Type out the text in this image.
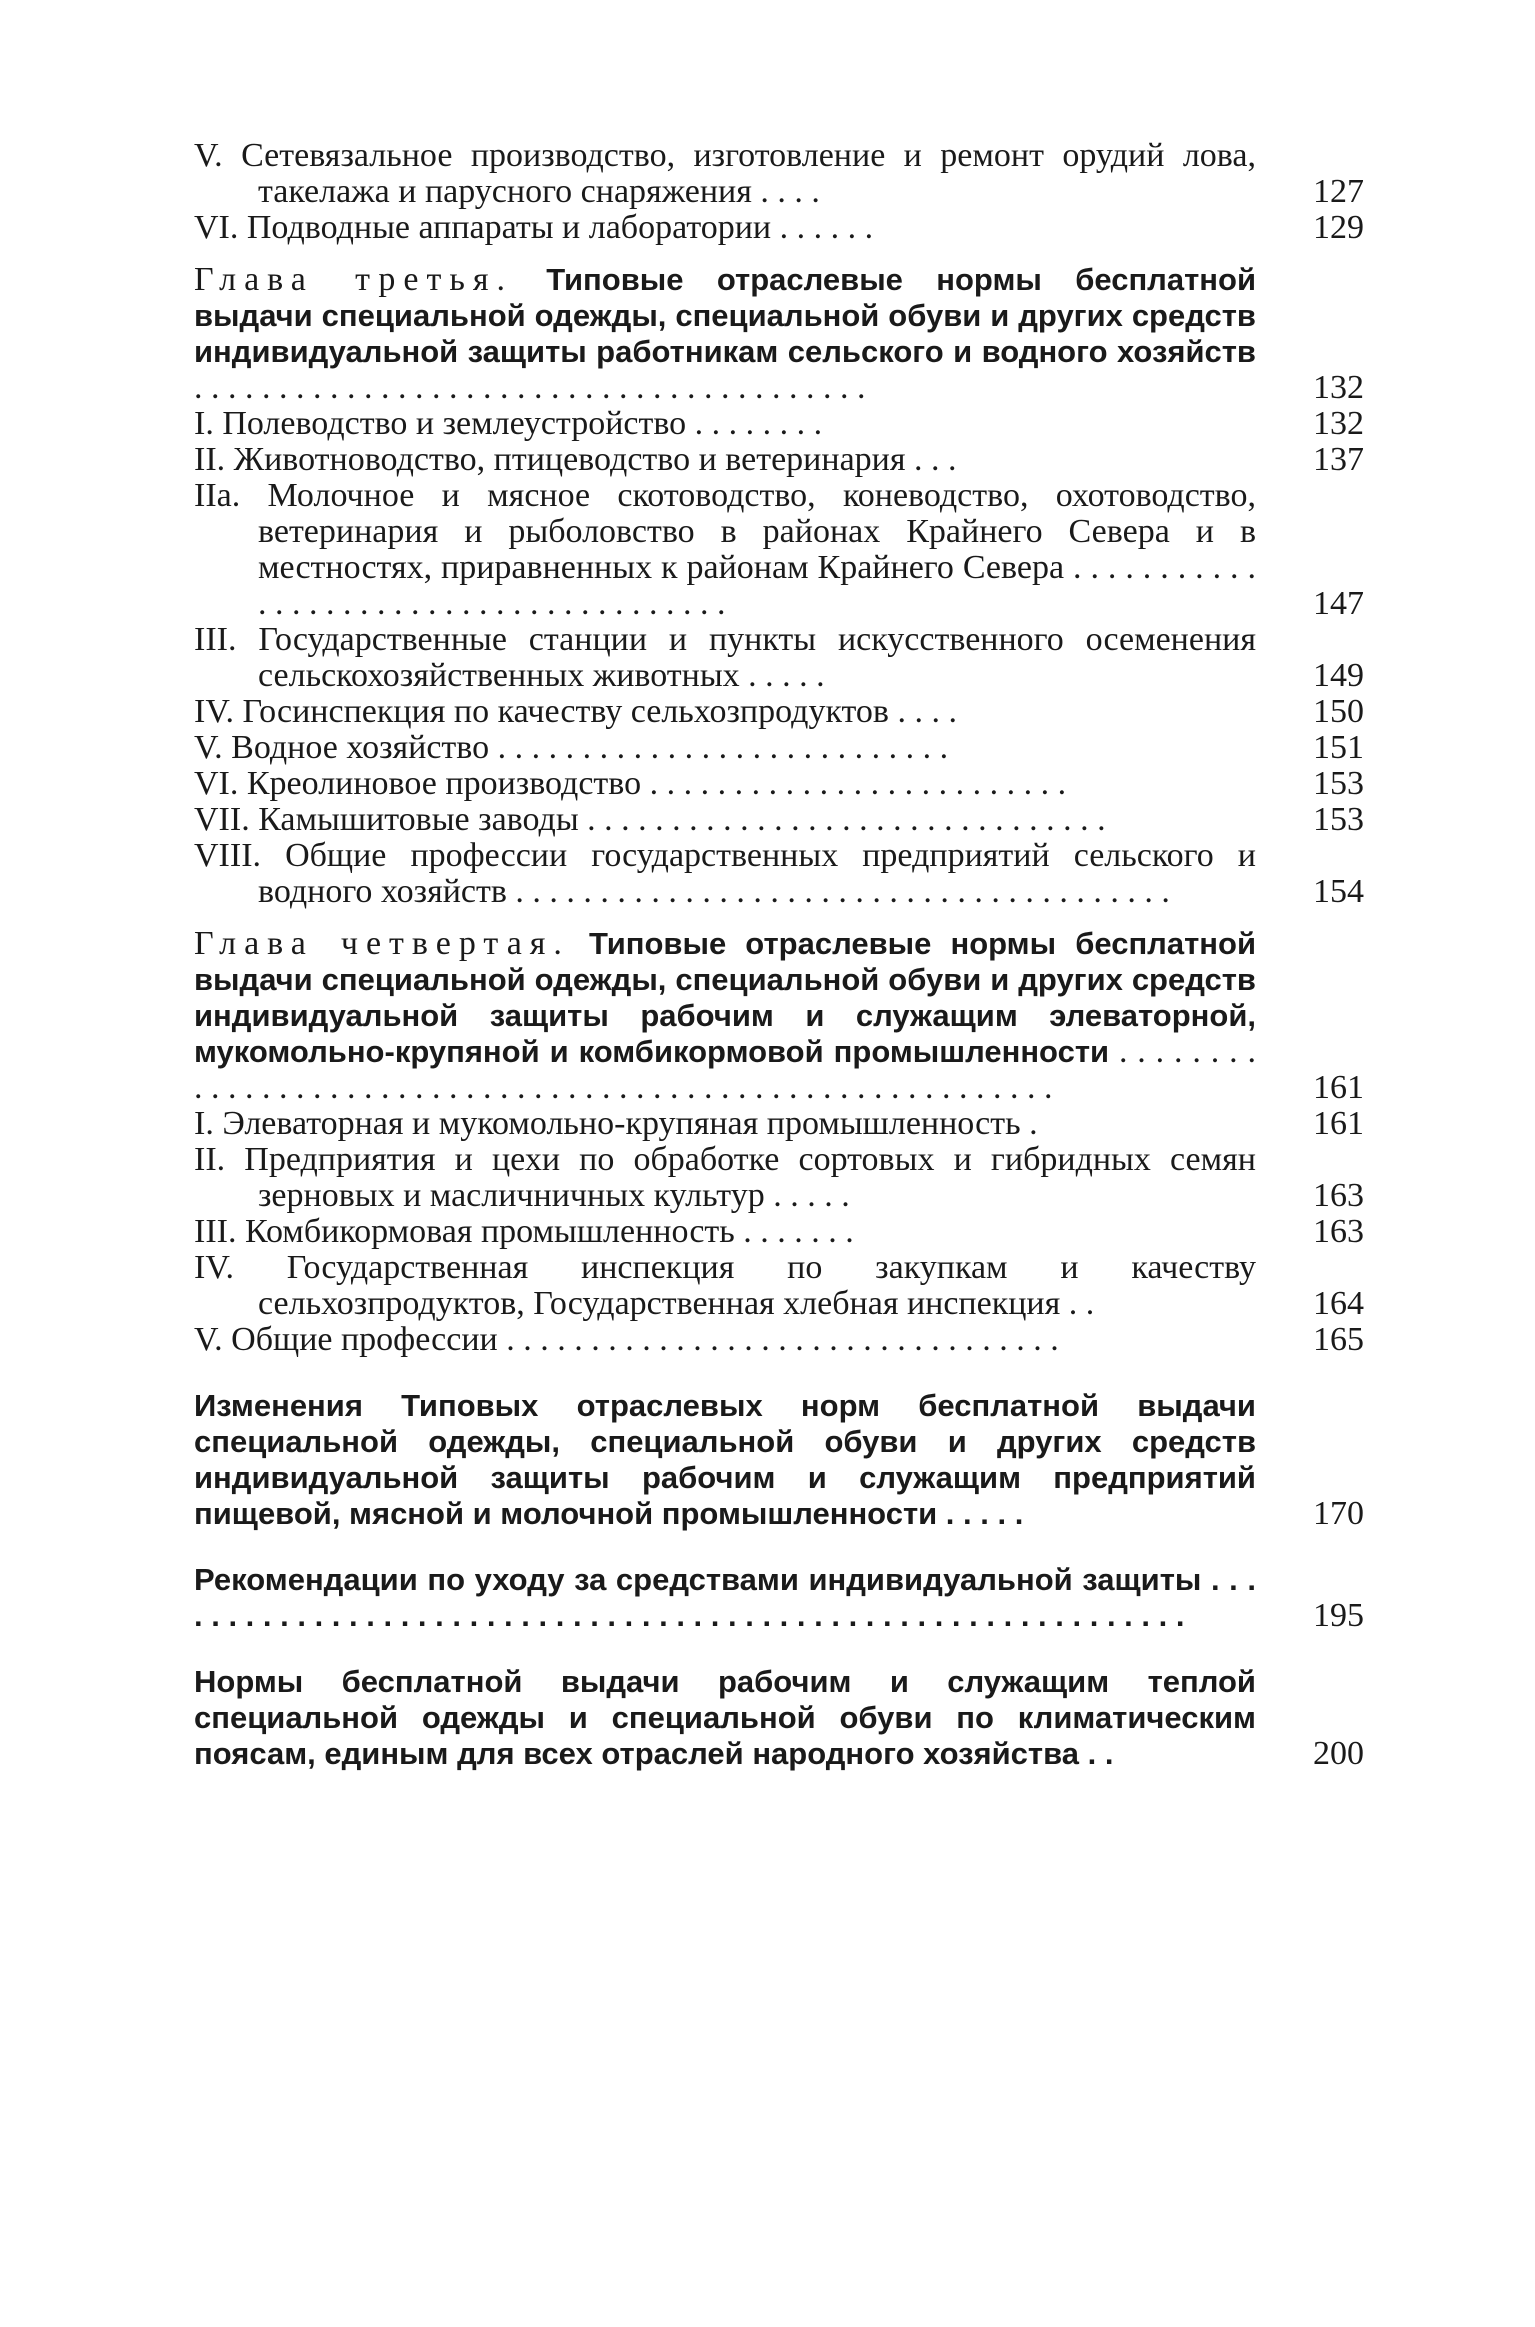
V. Сетевязальное производство, изготовление и ремонт орудий лова, такелажа и парусного снаряжения . . . .	127
VI. Подводные аппараты и лаборатории . . . . . .	129
Глава третья. Типовые отраслевые нормы бесплатной выдачи специальной одежды, специальной обуви и других средств индивидуальной защиты работникам сельского и водного хозяйств . . . . . . . . . . . . . . . . . . . . . . . . . . . . . . . . . . . . . . . .	132
I. Полеводство и землеустройство . . . . . . . .	132
II. Животноводство, птицеводство и ветеринария . . .	137
IIa. Молочное и мясное скотоводство, коневодство, охотоводство, ветеринария и рыболовство в районах Крайнего Севера и в местностях, приравненных к районам Крайнего Севера . . . . . . . . . . . . . . . . . . . . . . . . . . . . . . . . . . . . . . .	147
III. Государственные станции и пункты искусственного осеменения сельскохозяйственных животных . . . . .	149
IV. Госинспекция по качеству сельхозпродуктов . . . .	150
V. Водное хозяйство . . . . . . . . . . . . . . . . . . . . . . . . . . .	151
VI. Креолиновое производство . . . . . . . . . . . . . . . . . . . . . . . . .	153
VII. Камышитовые заводы . . . . . . . . . . . . . . . . . . . . . . . . . . . . . . .	153
VIII. Общие профессии государственных предприятий сельского и водного хозяйств . . . . . . . . . . . . . . . . . . . . . . . . . . . . . . . . . . . . . . .	154
Глава четвертая. Типовые отраслевые нормы бесплатной выдачи специальной одежды, специальной обуви и других средств индивидуальной защиты рабочим и служащим элеваторной, мукомольно-крупяной и комбикормовой промышленности . . . . . . . . . . . . . . . . . . . . . . . . . . . . . . . . . . . . . . . . . . . . . . . . . . . . . . . . . . .	161
I. Элеваторная и мукомольно-крупяная промышленность .	161
II. Предприятия и цехи по обработке сортовых и гибридных семян зерновых и масличничных культур . . . . .	163
III. Комбикормовая промышленность . . . . . . .	163
IV. Государственная инспекция по закупкам и качеству сельхозпродуктов, Государственная хлебная инспекция . .	164
V. Общие профессии . . . . . . . . . . . . . . . . . . . . . . . . . . . . . . . . .	165
Изменения Типовых отраслевых норм бесплатной выдачи специальной одежды, специальной обуви и других средств индивидуальной защиты рабочим и служащим предприятий пищевой, мясной и молочной промышленности . . . . .	170
Рекомендации по уходу за средствами индивидуальной защиты . . . . . . . . . . . . . . . . . . . . . . . . . . . . . . . . . . . . . . . . . . . . . . . . . . . . . . . . . . . . .	195
Нормы бесплатной выдачи рабочим и служащим теплой специальной одежды и специальной обуви по климатическим поясам, единым для всех отраслей народного хозяйства . .	200
